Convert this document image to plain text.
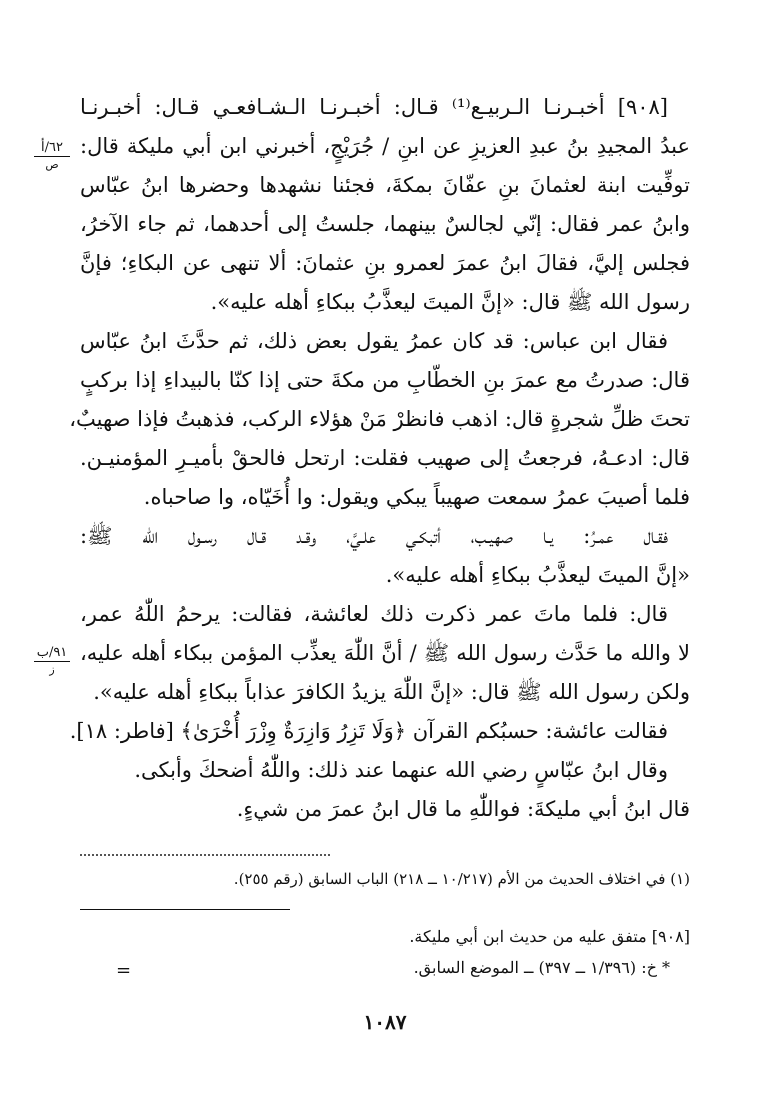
[٩٠٨] أخبـرنـا الـربيـع⁽¹⁾ قـال: أخبـرنـا الـشـافعـي قـال: أخبـرنـا
عبدُ المجيدِ بنُ عبدِ العزيزِ عن ابنِ / جُرَيْجٍ، أخبرني ابن أبي مليكة قال:
توفِّيت ابنة لعثمانَ بنِ عفّانَ بمكةَ، فجئنا نشهدها وحضرها ابنُ عبّاس
وابنُ عمر فقال: إنّي لجالسٌ بينهما، جلستُ إلى أحدهما، ثم جاء الآخرُ،
فجلس إليَّ، فقالَ ابنُ عمرَ لعمرو بنِ عثمانَ: ألا تنهى عن البكاءِ؛ فإنَّ
رسول الله ﷺ قال: «إنَّ الميتَ ليعذَّبُ ببكاءِ أهله عليه».

فقال ابن عباس: قد كان عمرُ يقول بعض ذلك، ثم حدَّثَ ابنُ عبّاس
قال: صدرتُ مع عمرَ بنِ الخطّابِ من مكةَ حتى إذا كنّا بالبيداءِ إذا بركبٍ
تحتَ ظلِّ شجرةٍ قال: اذهب فانظرْ مَنْ هؤلاء الركب، فذهبتُ فإذا صهيبٌ،
قال: ادعـهُ، فرجعتُ إلى صهيب فقلت: ارتحل فالحقْ بأميـرِ المؤمنيـن.
فلما أصيبَ عمرُ سمعت صهيباً يبكي ويقول: وا أُخَيّاه، وا صاحباه.

فقـال عمـرُ: يـا صهيـب، أتبكـي علـيَّ، وقـد قـال رسـول الله ﷺ:
«إنَّ الميتَ ليعذَّبُ ببكاءِ أهله عليه».

قال: فلما ماتَ عمر ذكرت ذلك لعائشة، فقالت: يرحمُ اللّٰهُ عمر،
لا والله ما حَدَّث رسول الله ﷺ / أنَّ اللّٰهَ يعذِّب المؤمن ببكاء أهله عليه،
ولكن رسول الله ﷺ قال: «إنَّ اللّٰهَ يزيدُ الكافرَ عذاباً ببكاءِ أهله عليه».

فقالت عائشة: حسبُكم القرآن ﴿وَلَا تَزِرُ وَازِرَةٌ وِزْرَ أُخْرَىٰ﴾ [فاطر: ١٨].

وقال ابنُ عبّاسٍ رضي الله عنهما عند ذلك: واللّٰهُ أضحكَ وأبكى.

قال ابنُ أبي مليكةَ: فواللّٰهِ ما قال ابنُ عمرَ من شيءٍ.

٦٢/أ
ص
٩١/ب
ز
(١) في اختلاف الحديث من الأم (١٠/٢١٧ ــ ٢١٨) الباب السابق (رقم ٢٥٥).
[٩٠٨] متفق عليه من حديث ابن أبي مليكة.
* خ: (١/٣٩٦ ــ ٣٩٧) ــ الموضع السابق.
=
١٠٨٧
